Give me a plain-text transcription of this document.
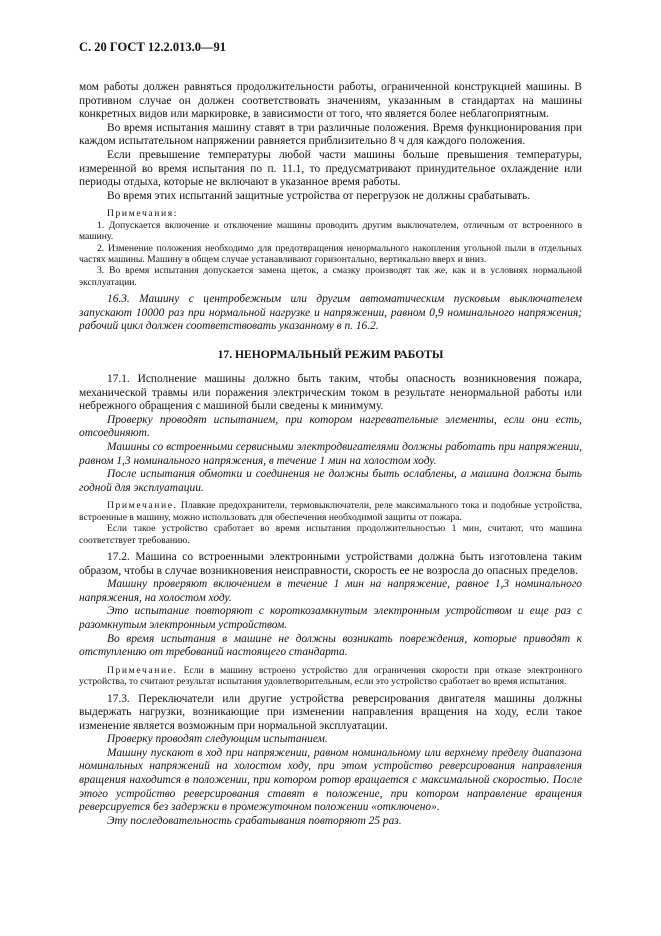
С. 20 ГОСТ 12.2.013.0—91

мом работы должен равняться продолжительности работы, ограниченной конструкцией машины. В противном случае он должен соответствовать значениям, указанным в стандартах на машины конкретных видов или маркировке, в зависимости от того, что является более неблагоприятным.

Во время испытания машину ставят в три различные положения. Время функционирования при каждом испытательном напряжении равняется приблизительно 8 ч для каждого положения.

Если превышение температуры любой части машины больше превышения температуры, измеренной во время испытания по п. 11.1, то предусматривают принудительное охлаждение или периоды отдыха, которые не включают в указанное время работы.

Во время этих испытаний защитные устройства от перегрузок не должны срабатывать.

Примечания:

1. Допускается включение и отключение машины проводить другим выключателем, отличным от встроенного в машину.

2. Изменение положения необходимо для предотвращения ненормального накопления угольной пыли в отдельных частях машины. Машину в общем случае устанавливают горизонтально, вертикально вверх и вниз.

3. Во время испытания допускается замена щеток, а смазку производят так же, как и в условиях нормальной эксплуатации.

16.3. Машину с центробежным или другим автоматическим пусковым выключателем запускают 10000 раз при нормальной нагрузке и напряжении, равном 0,9 номинального напряжения; рабочий цикл должен соответствовать указанному в п. 16.2.

17. НЕНОРМАЛЬНЫЙ РЕЖИМ РАБОТЫ

17.1. Исполнение машины должно быть таким, чтобы опасность возникновения пожара, механической травмы или поражения электрическим током в результате ненормальной работы или небрежного обращения с машиной были сведены к минимуму.

Проверку проводят испытанием, при котором нагревательные элементы, если они есть, отсоединяют.

Машины со встроенными сервисными электродвигателями должны работать при напряжении, равном 1,3 номинального напряжения, в течение 1 мин на холостом ходу.

После испытания обмотки и соединения не должны быть ослаблены, а машина должна быть годной для эксплуатации.

Примечание. Плавкие предохранители, термовыключатели, реле максимального тока и подобные устройства, встроенные в машину, можно использовать для обеспечения необходимой защиты от пожара.

Если такое устройство сработает во время испытания продолжительностью 1 мин, считают, что машина соответствует требованию.

17.2. Машина со встроенными электронными устройствами должна быть изготовлена таким образом, чтобы в случае возникновения неисправности, скорость ее не возросла до опасных пределов.

Машину проверяют включением в течение 1 мин на напряжение, равное 1,3 номинального напряжения, на холостом ходу.

Это испытание повторяют с короткозамкнутым электронным устройством и еще раз с разомкнутым электронным устройством.

Во время испытания в машине не должны возникать повреждения, которые приводят к отступлению от требований настоящего стандарта.

Примечание. Если в машину встроено устройство для ограничения скорости при отказе электронного устройства, то считают результат испытания удовлетворительным, если это устройство сработает во время испытания.

17.3. Переключатели или другие устройства реверсирования двигателя машины должны выдержать нагрузки, возникающие при изменении направления вращения на ходу, если такое изменение является возможным при нормальной эксплуатации.

Проверку проводят следующим испытанием.

Машину пускают в ход при напряжении, равном номинальному или верхнему пределу диапазона номинальных напряжений на холостом ходу, при этом устройство реверсирования направления вращения находится в положении, при котором ротор вращается с максимальной скоростью. После этого устройство реверсирования ставят в положение, при котором направление вращения реверсируется без задержки в промежуточном положении «отключено».

Эту последовательность срабатывания повторяют 25 раз.
